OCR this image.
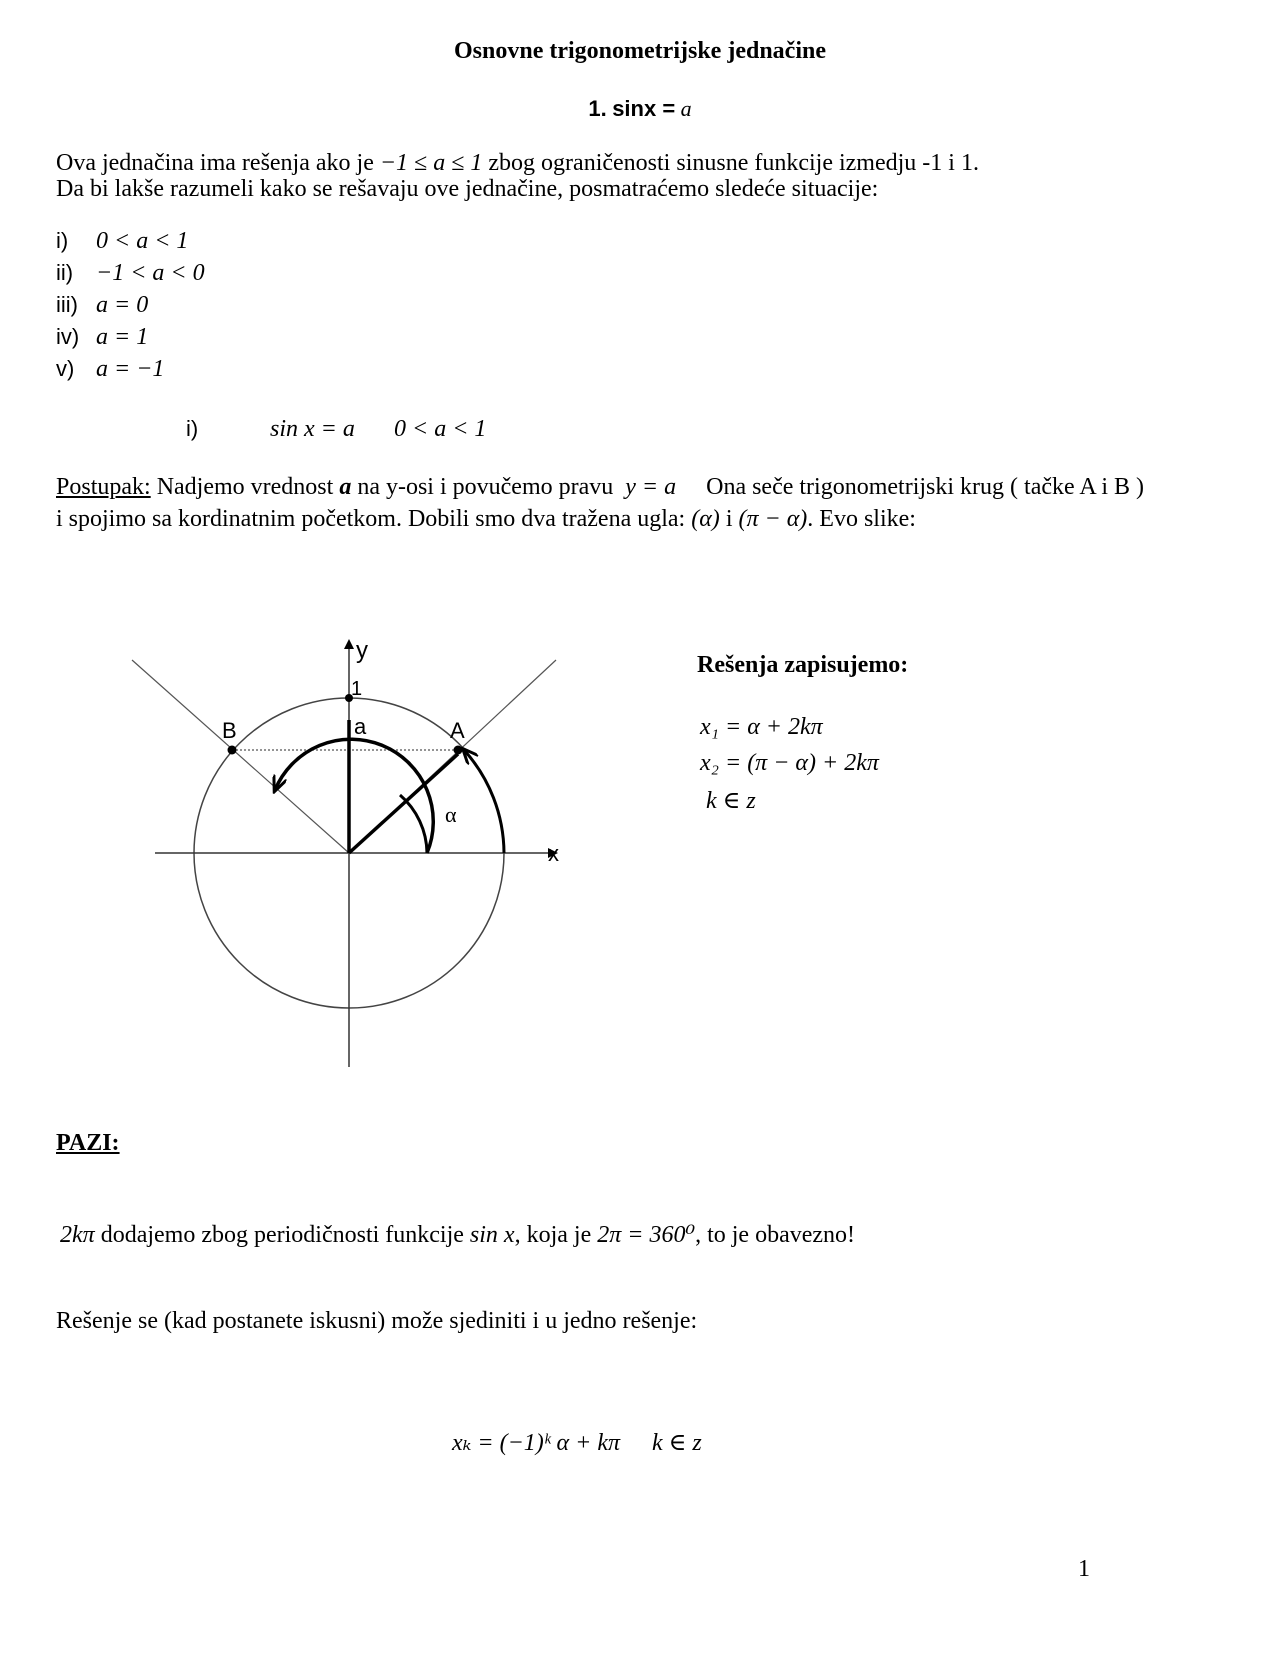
Osnovne trigonometrijske jednačine
1. sinx = a
Ova jednačina ima rešenja ako je −1 ≤ a ≤ 1 zbog ograničenosti sinusne funkcije izmedju -1 i 1.
Da bi lakše razumeli kako se rešavaju ove jednačine, posmatraćemo sledeće situacije:
i) 0 < a < 1
ii) −1 < a < 0
iii) a = 0
iv) a = 1
v) a = −1
i)	sin x = a 0 < a < 1
Postupak: Nadjemo vrednost a na y-osi i povučemo pravu y = a Ona seče trigonometrijski krug ( tačke A i B )
i spojimo sa kordinatnim početkom. Dobili smo dva tražena ugla: (α) i (π − α). Evo slike:
y
x
1
a	A
B
α
Rešenja zapisujemo:
x₁ = α + 2kπ
x₂ = (π − α) + 2kπ
k ∈ z
PAZI:
2kπ dodajemo zbog periodičnosti funkcije sin x, koja je 2π = 360⁰, to je obavezno!
Rešenje se (kad postanete iskusni) može sjediniti i u jedno rešenje:
xₖ = (−1)ᵏ α + kπ k ∈ z
1
